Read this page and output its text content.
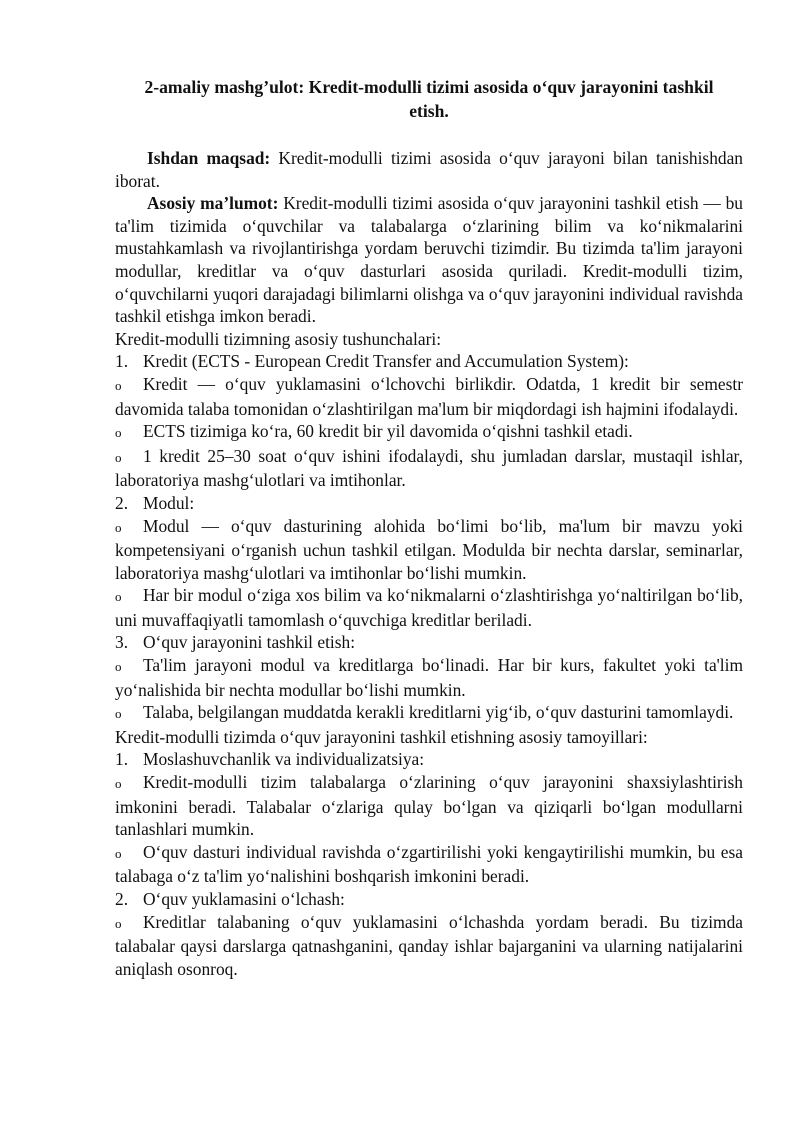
2-amaliy mashg’ulot: Kredit-modulli tizimi asosida o‘quv jarayonini tashkil etish.

Ishdan maqsad: Kredit-modulli tizimi asosida o‘quv jarayoni bilan tanishishdan iborat.

Asosiy ma’lumot: Kredit-modulli tizimi asosida o‘quv jarayonini tashkil etish — bu ta'lim tizimida o‘quvchilar va talabalarga o‘zlarining bilim va ko‘nikmalarini mustahkamlash va rivojlantirishga yordam beruvchi tizimdir. Bu tizimda ta'lim jarayoni modullar, kreditlar va o‘quv dasturlari asosida quriladi. Kredit-modulli tizim, o‘quvchilarni yuqori darajadagi bilimlarni olishga va o‘quv jarayonini individual ravishda tashkil etishga imkon beradi.

Kredit-modulli tizimning asosiy tushunchalari:

1. Kredit (ECTS - European Credit Transfer and Accumulation System):

o Kredit — o‘quv yuklamasini o‘lchovchi birlikdir. Odatda, 1 kredit bir semestr davomida talaba tomonidan o‘zlashtirilgan ma'lum bir miqdordagi ish hajmini ifodalaydi.

o ECTS tizimiga ko‘ra, 60 kredit bir yil davomida o‘qishni tashkil etadi.

o 1 kredit 25–30 soat o‘quv ishini ifodalaydi, shu jumladan darslar, mustaqil ishlar, laboratoriya mashg‘ulotlari va imtihonlar.

2. Modul:

o Modul — o‘quv dasturining alohida bo‘limi bo‘lib, ma'lum bir mavzu yoki kompetensiyani o‘rganish uchun tashkil etilgan. Modulda bir nechta darslar, seminarlar, laboratoriya mashg‘ulotlari va imtihonlar bo‘lishi mumkin.

o Har bir modul o‘ziga xos bilim va ko‘nikmalarni o‘zlashtirishga yo‘naltirilgan bo‘lib, uni muvaffaqiyatli tamomlash o‘quvchiga kreditlar beriladi.

3. O‘quv jarayonini tashkil etish:

o Ta'lim jarayoni modul va kreditlarga bo‘linadi. Har bir kurs, fakultet yoki ta'lim yo‘nalishida bir nechta modullar bo‘lishi mumkin.

o Talaba, belgilangan muddatda kerakli kreditlarni yig‘ib, o‘quv dasturini tamomlaydi.

Kredit-modulli tizimda o‘quv jarayonini tashkil etishning asosiy tamoyillari:

1. Moslashuvchanlik va individualizatsiya:

o Kredit-modulli tizim talabalarga o‘zlarining o‘quv jarayonini shaxsiylashtirish imkonini beradi. Talabalar o‘zlariga qulay bo‘lgan va qiziqarli bo‘lgan modullarni tanlashlari mumkin.

o O‘quv dasturi individual ravishda o‘zgartirilishi yoki kengaytirilishi mumkin, bu esa talabaga o‘z ta'lim yo‘nalishini boshqarish imkonini beradi.

2. O‘quv yuklamasini o‘lchash:

o Kreditlar talabaning o‘quv yuklamasini o‘lchashda yordam beradi. Bu tizimda talabalar qaysi darslarga qatnashganini, qanday ishlar bajarganini va ularning natijalarini aniqlash osonroq.
